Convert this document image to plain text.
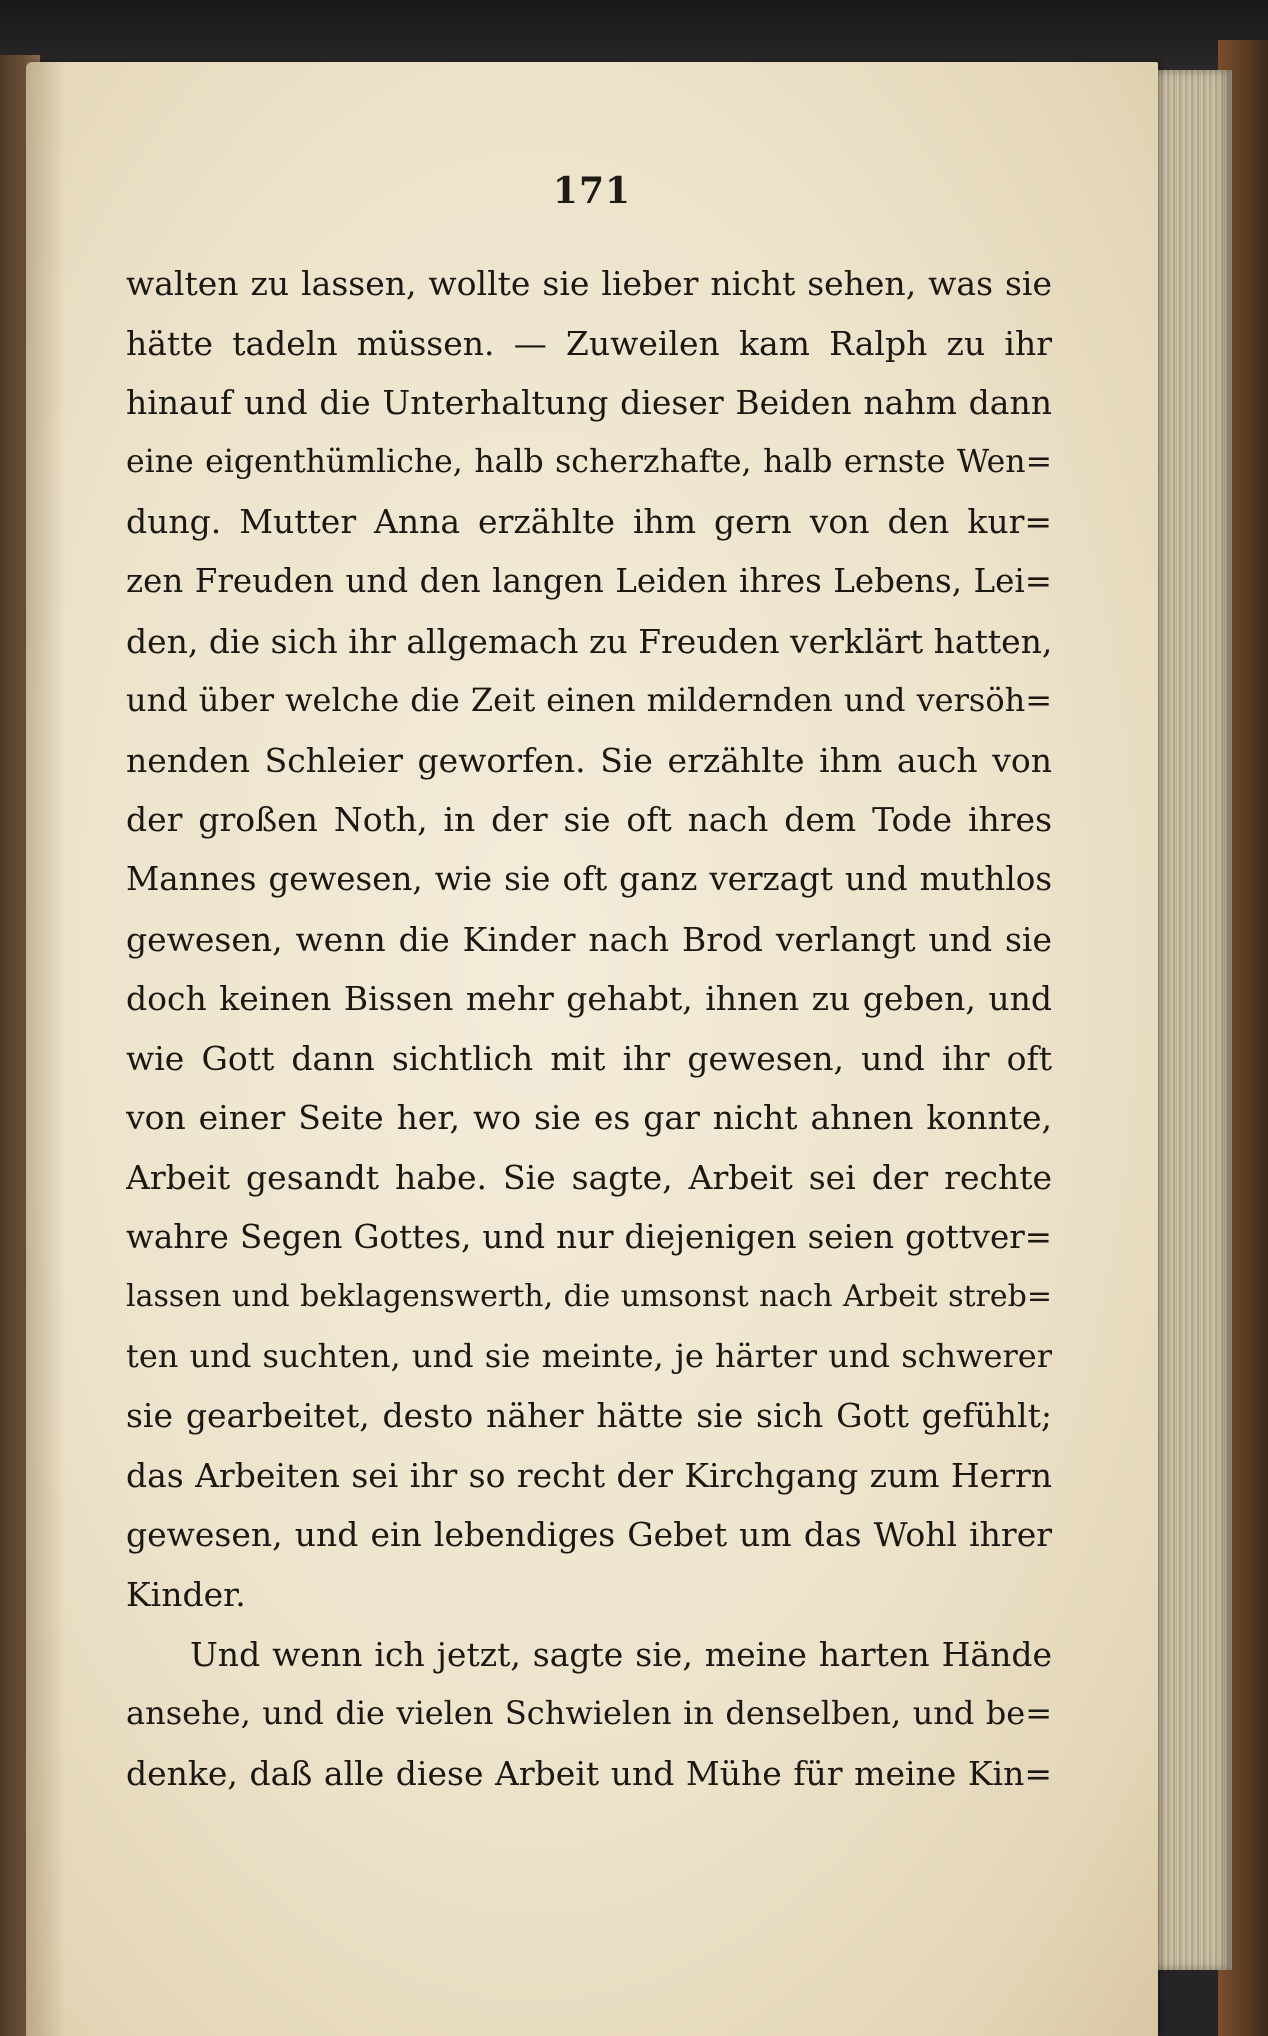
171
walten zu lassen, wollte sie lieber nicht sehen, was sie
hätte tadeln müssen. — Zuweilen kam Ralph zu ihr
hinauf und die Unterhaltung dieser Beiden nahm dann
eine eigenthümliche, halb scherzhafte, halb ernste Wen=
dung. Mutter Anna erzählte ihm gern von den kur=
zen Freuden und den langen Leiden ihres Lebens, Lei=
den, die sich ihr allgemach zu Freuden verklärt hatten,
und über welche die Zeit einen mildernden und versöh=
nenden Schleier geworfen. Sie erzählte ihm auch von
der großen Noth, in der sie oft nach dem Tode ihres
Mannes gewesen, wie sie oft ganz verzagt und muthlos
gewesen, wenn die Kinder nach Brod verlangt und sie
doch keinen Bissen mehr gehabt, ihnen zu geben, und
wie Gott dann sichtlich mit ihr gewesen, und ihr oft
von einer Seite her, wo sie es gar nicht ahnen konnte,
Arbeit gesandt habe. Sie sagte, Arbeit sei der rechte
wahre Segen Gottes, und nur diejenigen seien gottver=
lassen und beklagenswerth, die umsonst nach Arbeit streb=
ten und suchten, und sie meinte, je härter und schwerer
sie gearbeitet, desto näher hätte sie sich Gott gefühlt;
das Arbeiten sei ihr so recht der Kirchgang zum Herrn
gewesen, und ein lebendiges Gebet um das Wohl ihrer
Kinder.
Und wenn ich jetzt, sagte sie, meine harten Hände
ansehe, und die vielen Schwielen in denselben, und be=
denke, daß alle diese Arbeit und Mühe für meine Kin=
